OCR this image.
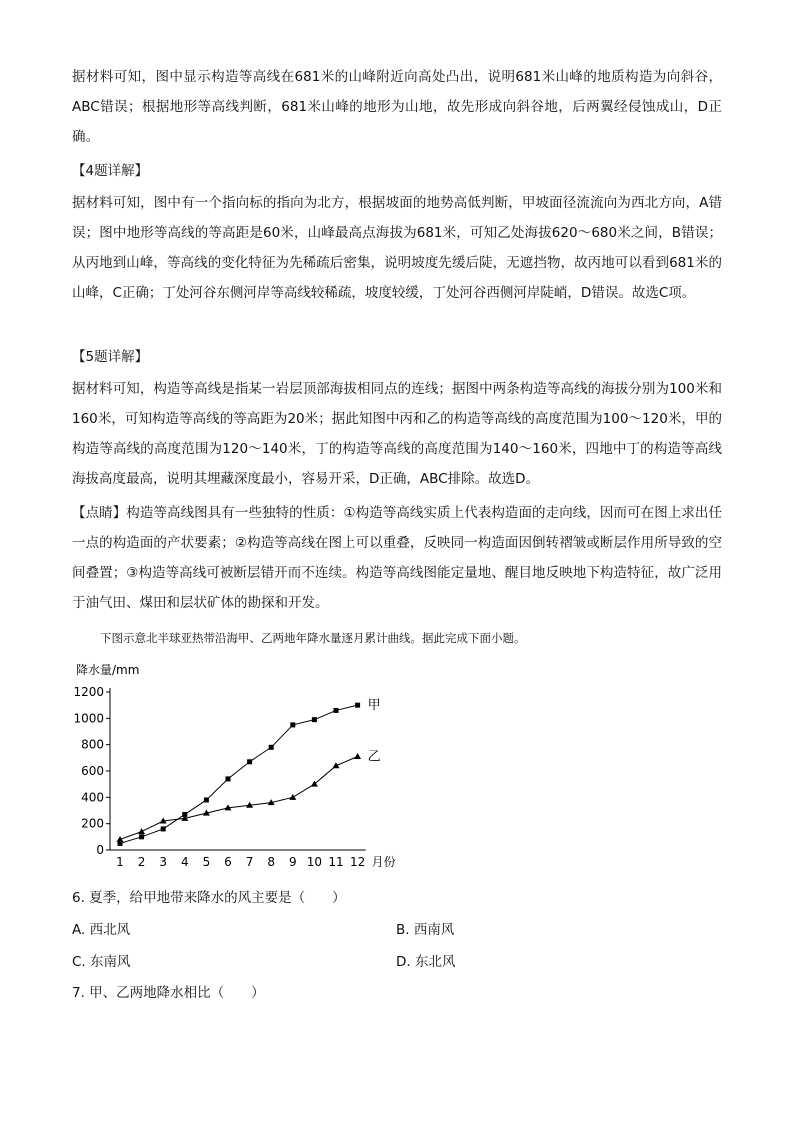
据材料可知，图中显示构造等高线在681米的山峰附近向高处凸出，说明681米山峰的地质构造为向斜谷，ABC错误；根据地形等高线判断，681米山峰的地形为山地，故先形成向斜谷地，后两翼经侵蚀成山，D正确。

【4题详解】

据材料可知，图中有一个指向标的指向为北方，根据坡面的地势高低判断，甲坡面径流流向为西北方向，A错误；图中地形等高线的等高距是60米，山峰最高点海拔为681米，可知乙处海拔620～680米之间，B错误；从丙地到山峰，等高线的变化特征为先稀疏后密集，说明坡度先缓后陡，无遮挡物，故丙地可以看到681米的山峰，C正确；丁处河谷东侧河岸等高线较稀疏，坡度较缓，丁处河谷西侧河岸陡峭，D错误。故选C项。

【5题详解】

据材料可知，构造等高线是指某一岩层顶部海拔相同点的连线；据图中两条构造等高线的海拔分别为100米和160米，可知构造等高线的等高距为20米；据此知图中丙和乙的构造等高线的高度范围为100～120米，甲的构造等高线的高度范围为120～140米，丁的构造等高线的高度范围为140～160米，四地中丁的构造等高线海拔高度最高，说明其埋藏深度最小，容易开采，D正确，ABC排除。故选D。

【点睛】构造等高线图具有一些独特的性质：①构造等高线实质上代表构造面的走向线，因而可在图上求出任一点的构造面的产状要素；②构造等高线在图上可以重叠，反映同一构造面因倒转褶皱或断层作用所导致的空间叠置；③构造等高线可被断层错开而不连续。构造等高线图能定量地、醒目地反映地下构造特征，故广泛用于油气田、煤田和层状矿体的勘探和开发。

下图示意北半球亚热带沿海甲、乙两地年降水量逐月累计曲线。据此完成下面小题。
降水量/mm
0
200
400
600
800
1000
1200
1 2 3 4 5 6 7 8 9 10 11 12 月份
甲
乙
6. 夏季，给甲地带来降水的风主要是（　　）
A. 西北风	B. 西南风
C. 东南风	D. 东北风
7. 甲、乙两地降水相比（　　）
